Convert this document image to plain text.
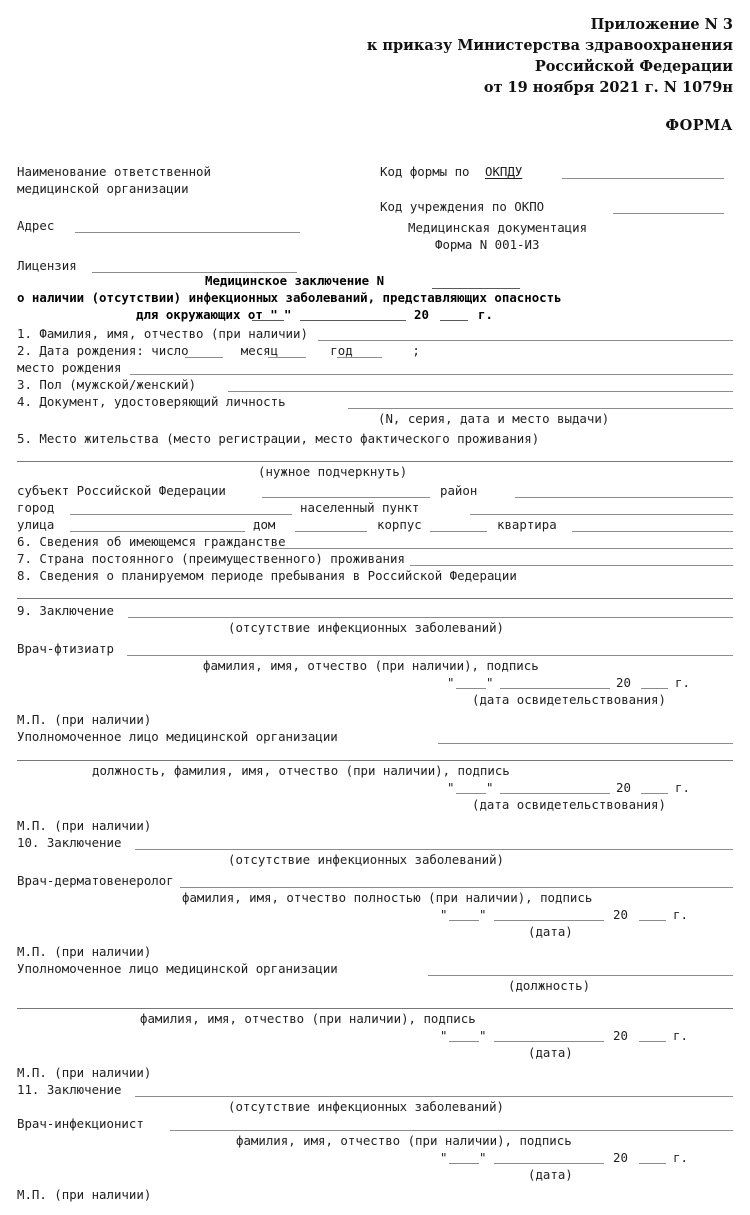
Приложение N 3
к приказу Министерства здравоохранения
Российской Федерации
от 19 ноября 2021 г. N 1079н
ФОРМА
Наименование ответственной
медицинской организации
Адрес
Лицензия
Код формы по ОКПДУ
Код учреждения по ОКПО
Медицинская документация
Форма N 001-ИЗ
Медицинское заключение N
о наличии (отсутствии) инфекционных заболеваний, представляющих опасность
для окружающих от " "	20	г.
1. Фамилия, имя, отчество (при наличии)
2. Дата рождения: число       месяц       год        ;
место рождения
3. Пол (мужской/женский)
4. Документ, удостоверяющий личность
(N, серия, дата и место выдачи)
5. Место жительства (место регистрации, место фактического проживания)
(нужное подчеркнуть)
субъект Российской Федерации	район
город	населенный пункт
улица	дом	корпус	квартира
6. Сведения об имеющемся гражданстве
7. Страна постоянного (преимущественного) проживания
8. Сведения о планируемом периоде пребывания в Российской Федерации
9. Заключение
(отсутствие инфекционных заболеваний)
Врач-фтизиатр
фамилия, имя, отчество (при наличии), подпись
"	"	20	г.
(дата освидетельствования)
М.П. (при наличии)
Уполномоченное лицо медицинской организации
должность, фамилия, имя, отчество (при наличии), подпись
"	"	20	г.
(дата освидетельствования)
М.П. (при наличии)
10. Заключение
(отсутствие инфекционных заболеваний)
Врач-дерматовенеролог
фамилия, имя, отчество полностью (при наличии), подпись
"	"	20	г.
(дата)
М.П. (при наличии)
Уполномоченное лицо медицинской организации
(должность)
фамилия, имя, отчество (при наличии), подпись
"	"	20	г.
(дата)
М.П. (при наличии)
11. Заключение
(отсутствие инфекционных заболеваний)
Врач-инфекционист
фамилия, имя, отчество (при наличии), подпись
"	"	20	г.
(дата)
М.П. (при наличии)
